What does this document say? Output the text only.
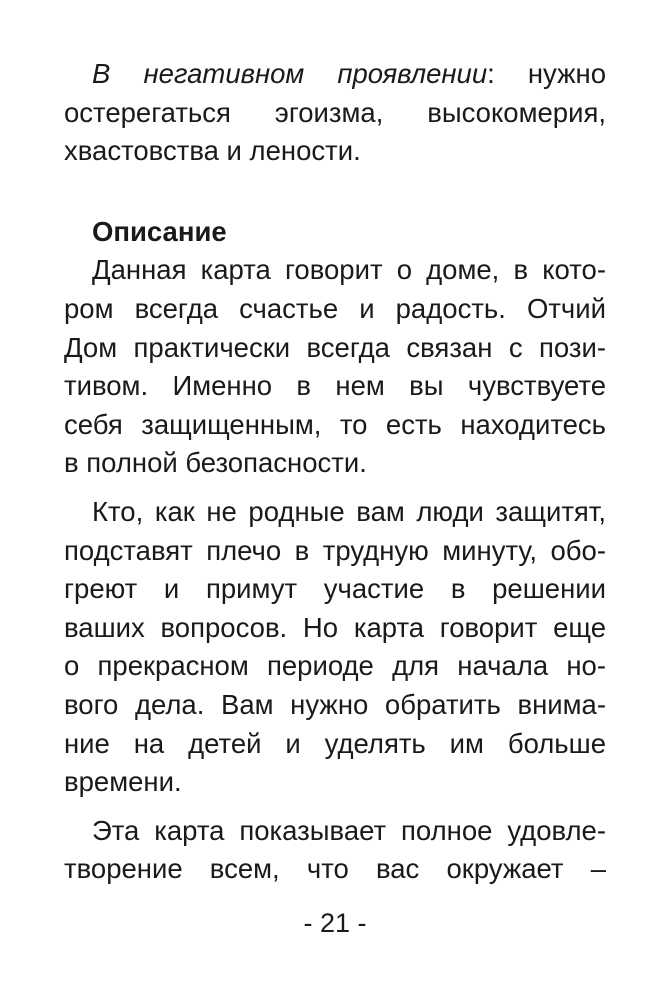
В негативном проявлении: нужно
остерегаться эгоизма, высокомерия,
хвастовства и лености.
Описание
Данная карта говорит о доме, в кото-
ром всегда счастье и радость. Отчий
Дом практически всегда связан с пози-
тивом. Именно в нем вы чувствуете
себя защищенным, то есть находитесь
в полной безопасности.
Кто, как не родные вам люди защитят,
подставят плечо в трудную минуту, обо-
греют и примут участие в решении
ваших вопросов. Но карта говорит еще
о прекрасном периоде для начала но-
вого дела. Вам нужно обратить внима-
ние на детей и уделять им больше
времени.
Эта карта показывает полное удовле-
творение всем, что вас окружает –
- 21 -
